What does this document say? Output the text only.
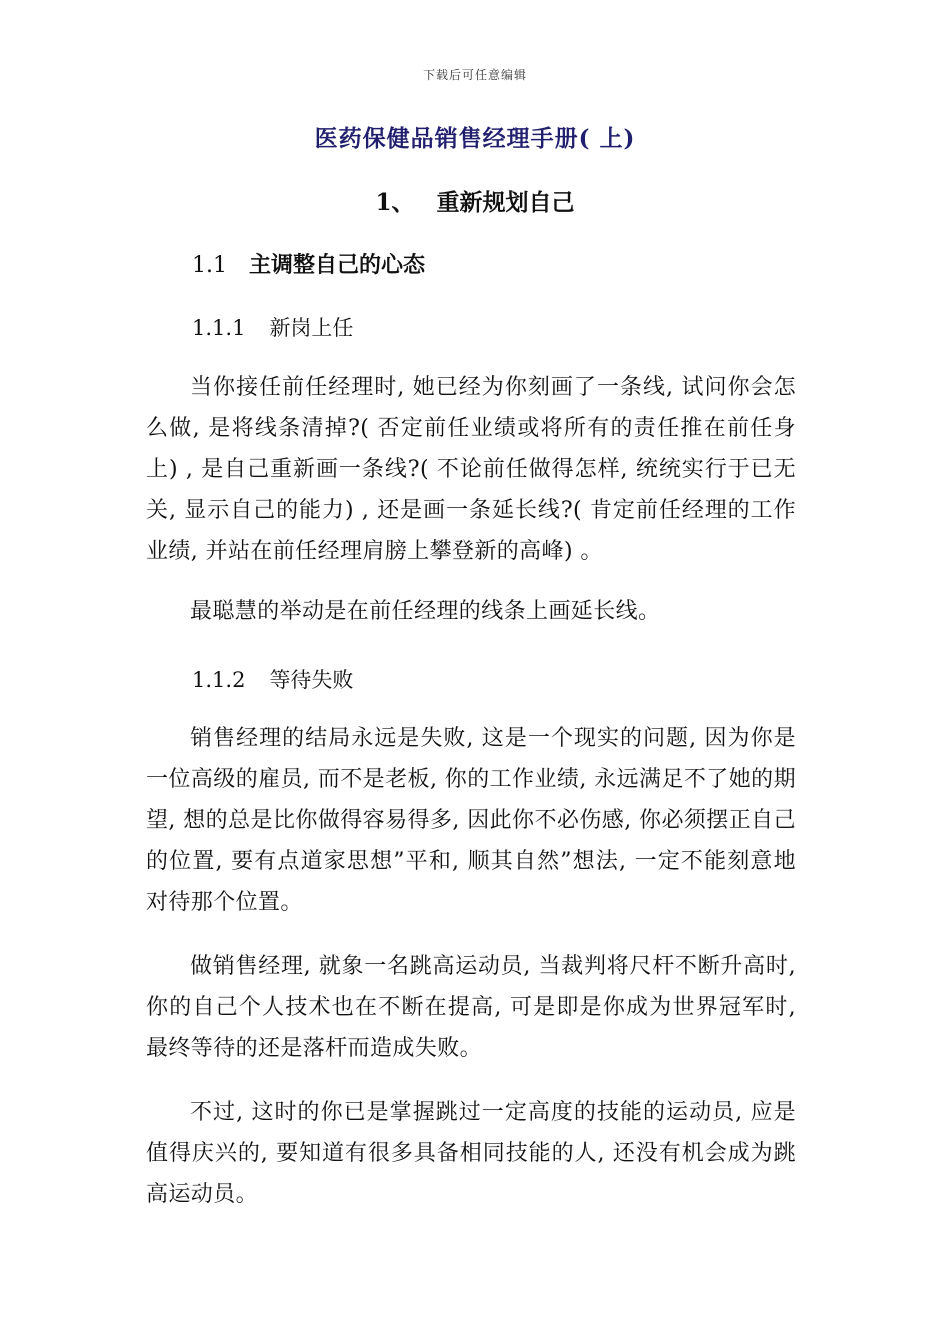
下载后可任意编辑
医药保健品销售经理手册( 上)
1、 重新规划自己
1.1 主调整自己的心态
1.1.1 新岗上任

当你接任前任经理时, 她已经为你刻画了一条线, 试问你会怎么做, 是将线条清掉?( 否定前任业绩或将所有的责任推在前任身上) , 是自己重新画一条线?( 不论前任做得怎样, 统统实行于已无关, 显示自己的能力) , 还是画一条延长线?( 肯定前任经理的工作业绩, 并站在前任经理肩膀上攀登新的高峰) 。

最聪慧的举动是在前任经理的线条上画延长线。

1.1.2 等待失败

销售经理的结局永远是失败, 这是一个现实的问题, 因为你是一位高级的雇员, 而不是老板, 你的工作业绩, 永远满足不了她的期望, 想的总是比你做得容易得多, 因此你不必伤感, 你必须摆正自己的位置, 要有点道家思想”平和, 顺其自然”想法, 一定不能刻意地对待那个位置。

做销售经理, 就象一名跳高运动员, 当裁判将尺杆不断升高时, 你的自己个人技术也在不断在提高, 可是即是你成为世界冠军时, 最终等待的还是落杆而造成失败。

不过, 这时的你已是掌握跳过一定高度的技能的运动员, 应是值得庆兴的, 要知道有很多具备相同技能的人, 还没有机会成为跳高运动员。
